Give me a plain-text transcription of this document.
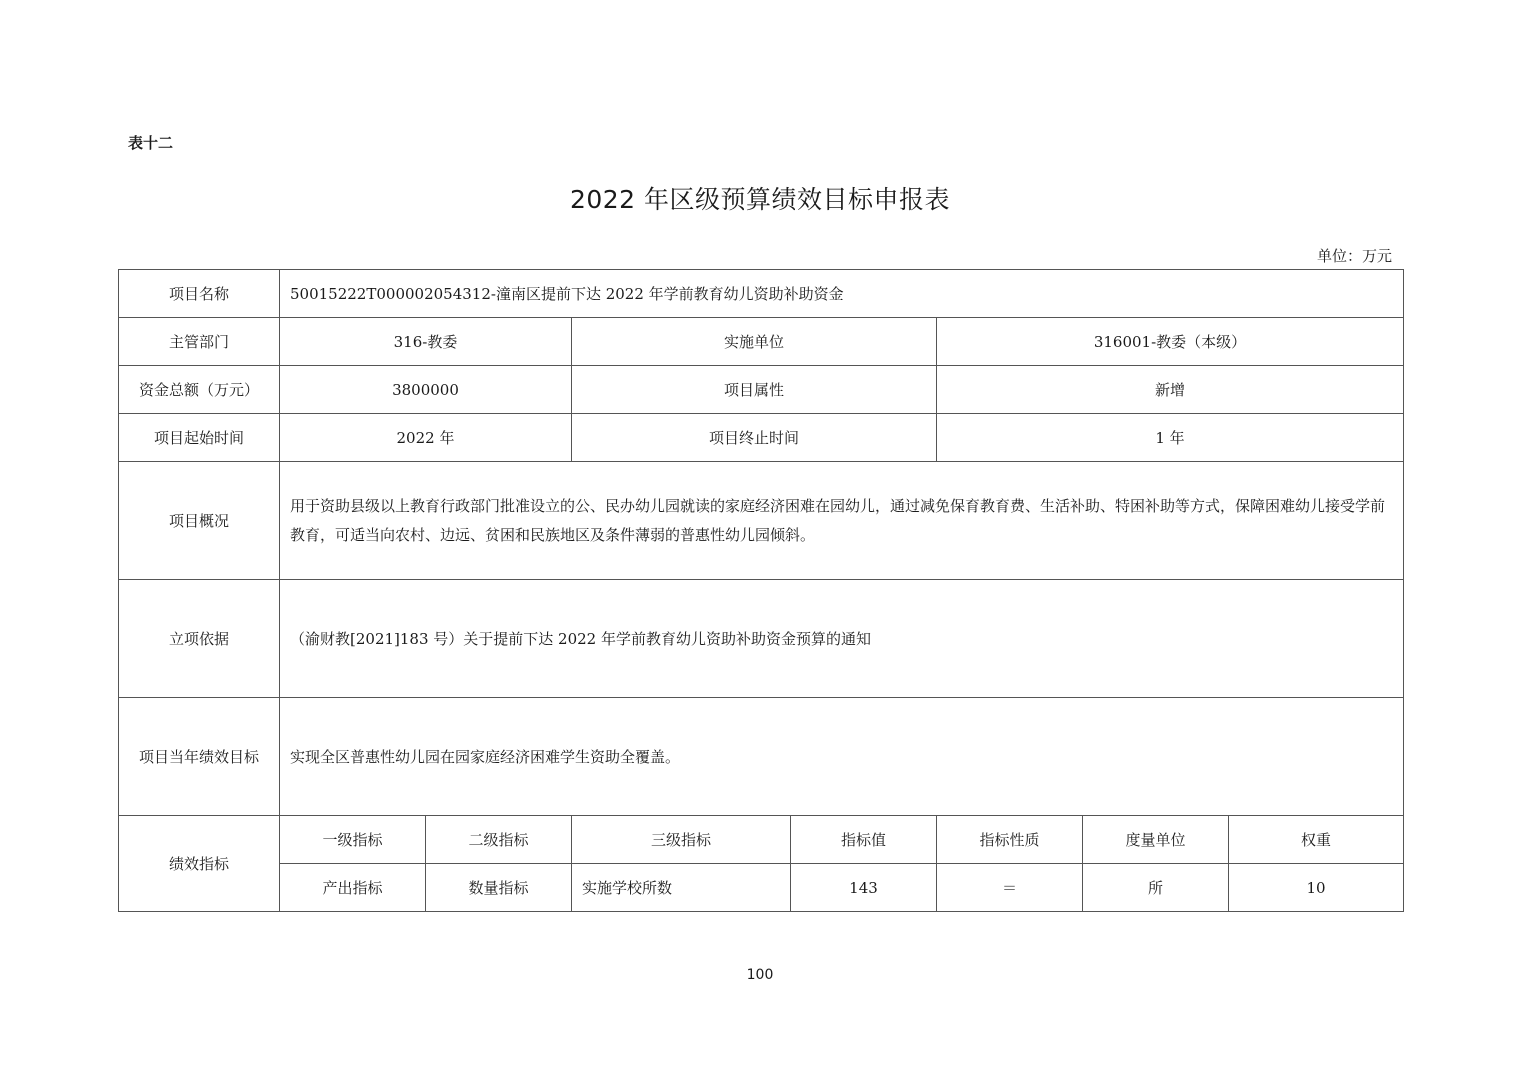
表十二
2022 年区级预算绩效目标申报表
单位：万元
项目名称	50015222T000002054312-潼南区提前下达 2022 年学前教育幼儿资助补助资金						
主管部门	316-教委		实施单位		316001-教委（本级）		
资金总额（万元）	3800000		项目属性		新增		
项目起始时间	2022 年		项目终止时间		1 年		
项目概况	用于资助县级以上教育行政部门批准设立的公、民办幼儿园就读的家庭经济困难在园幼儿，通过减免保育教育费、生活补助、特困补助等方式，保障困难幼儿接受学前教育，可适当向农村、边远、贫困和民族地区及条件薄弱的普惠性幼儿园倾斜。						

立项依据	（渝财教[2021]183 号）关于提前下达 2022 年学前教育幼儿资助补助资金预算的通知						
项目当年绩效目标	实现全区普惠性幼儿园在园家庭经济困难学生资助全覆盖。						
绩效指标	一级指标	二级指标	三级指标	指标值	指标性质	度量单位	权重
	产出指标	数量指标	实施学校所数	143	＝	所	10
100
